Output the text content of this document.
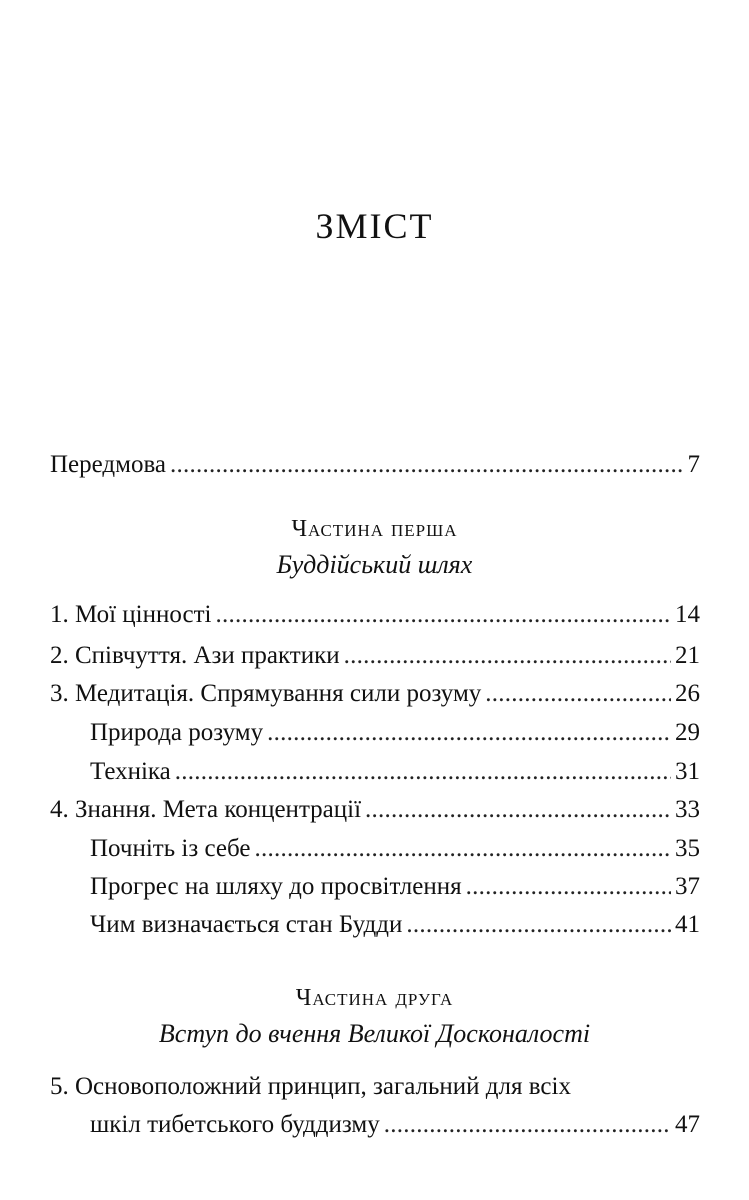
ЗМІСТ
Передмова . . .	7
Частина перша
Буддійський шлях
1. Мої цінності . . .	14
2. Співчуття. Ази практики . . .	21
3. Медитація. Спрямування сили розуму . . .	26
Природа розуму . . .	29
Техніка . . .	31
4. Знання. Мета концентрації . . .	33
Почніть із себе . . .	35
Прогрес на шляху до просвітлення . . .	37
Чим визначається стан Будди . . .	41
Частина друга
Вступ до вчення Великої Досконалості
5. Основоположний принцип, загальний для всіх
шкіл тибетського буддизму . . .	47
